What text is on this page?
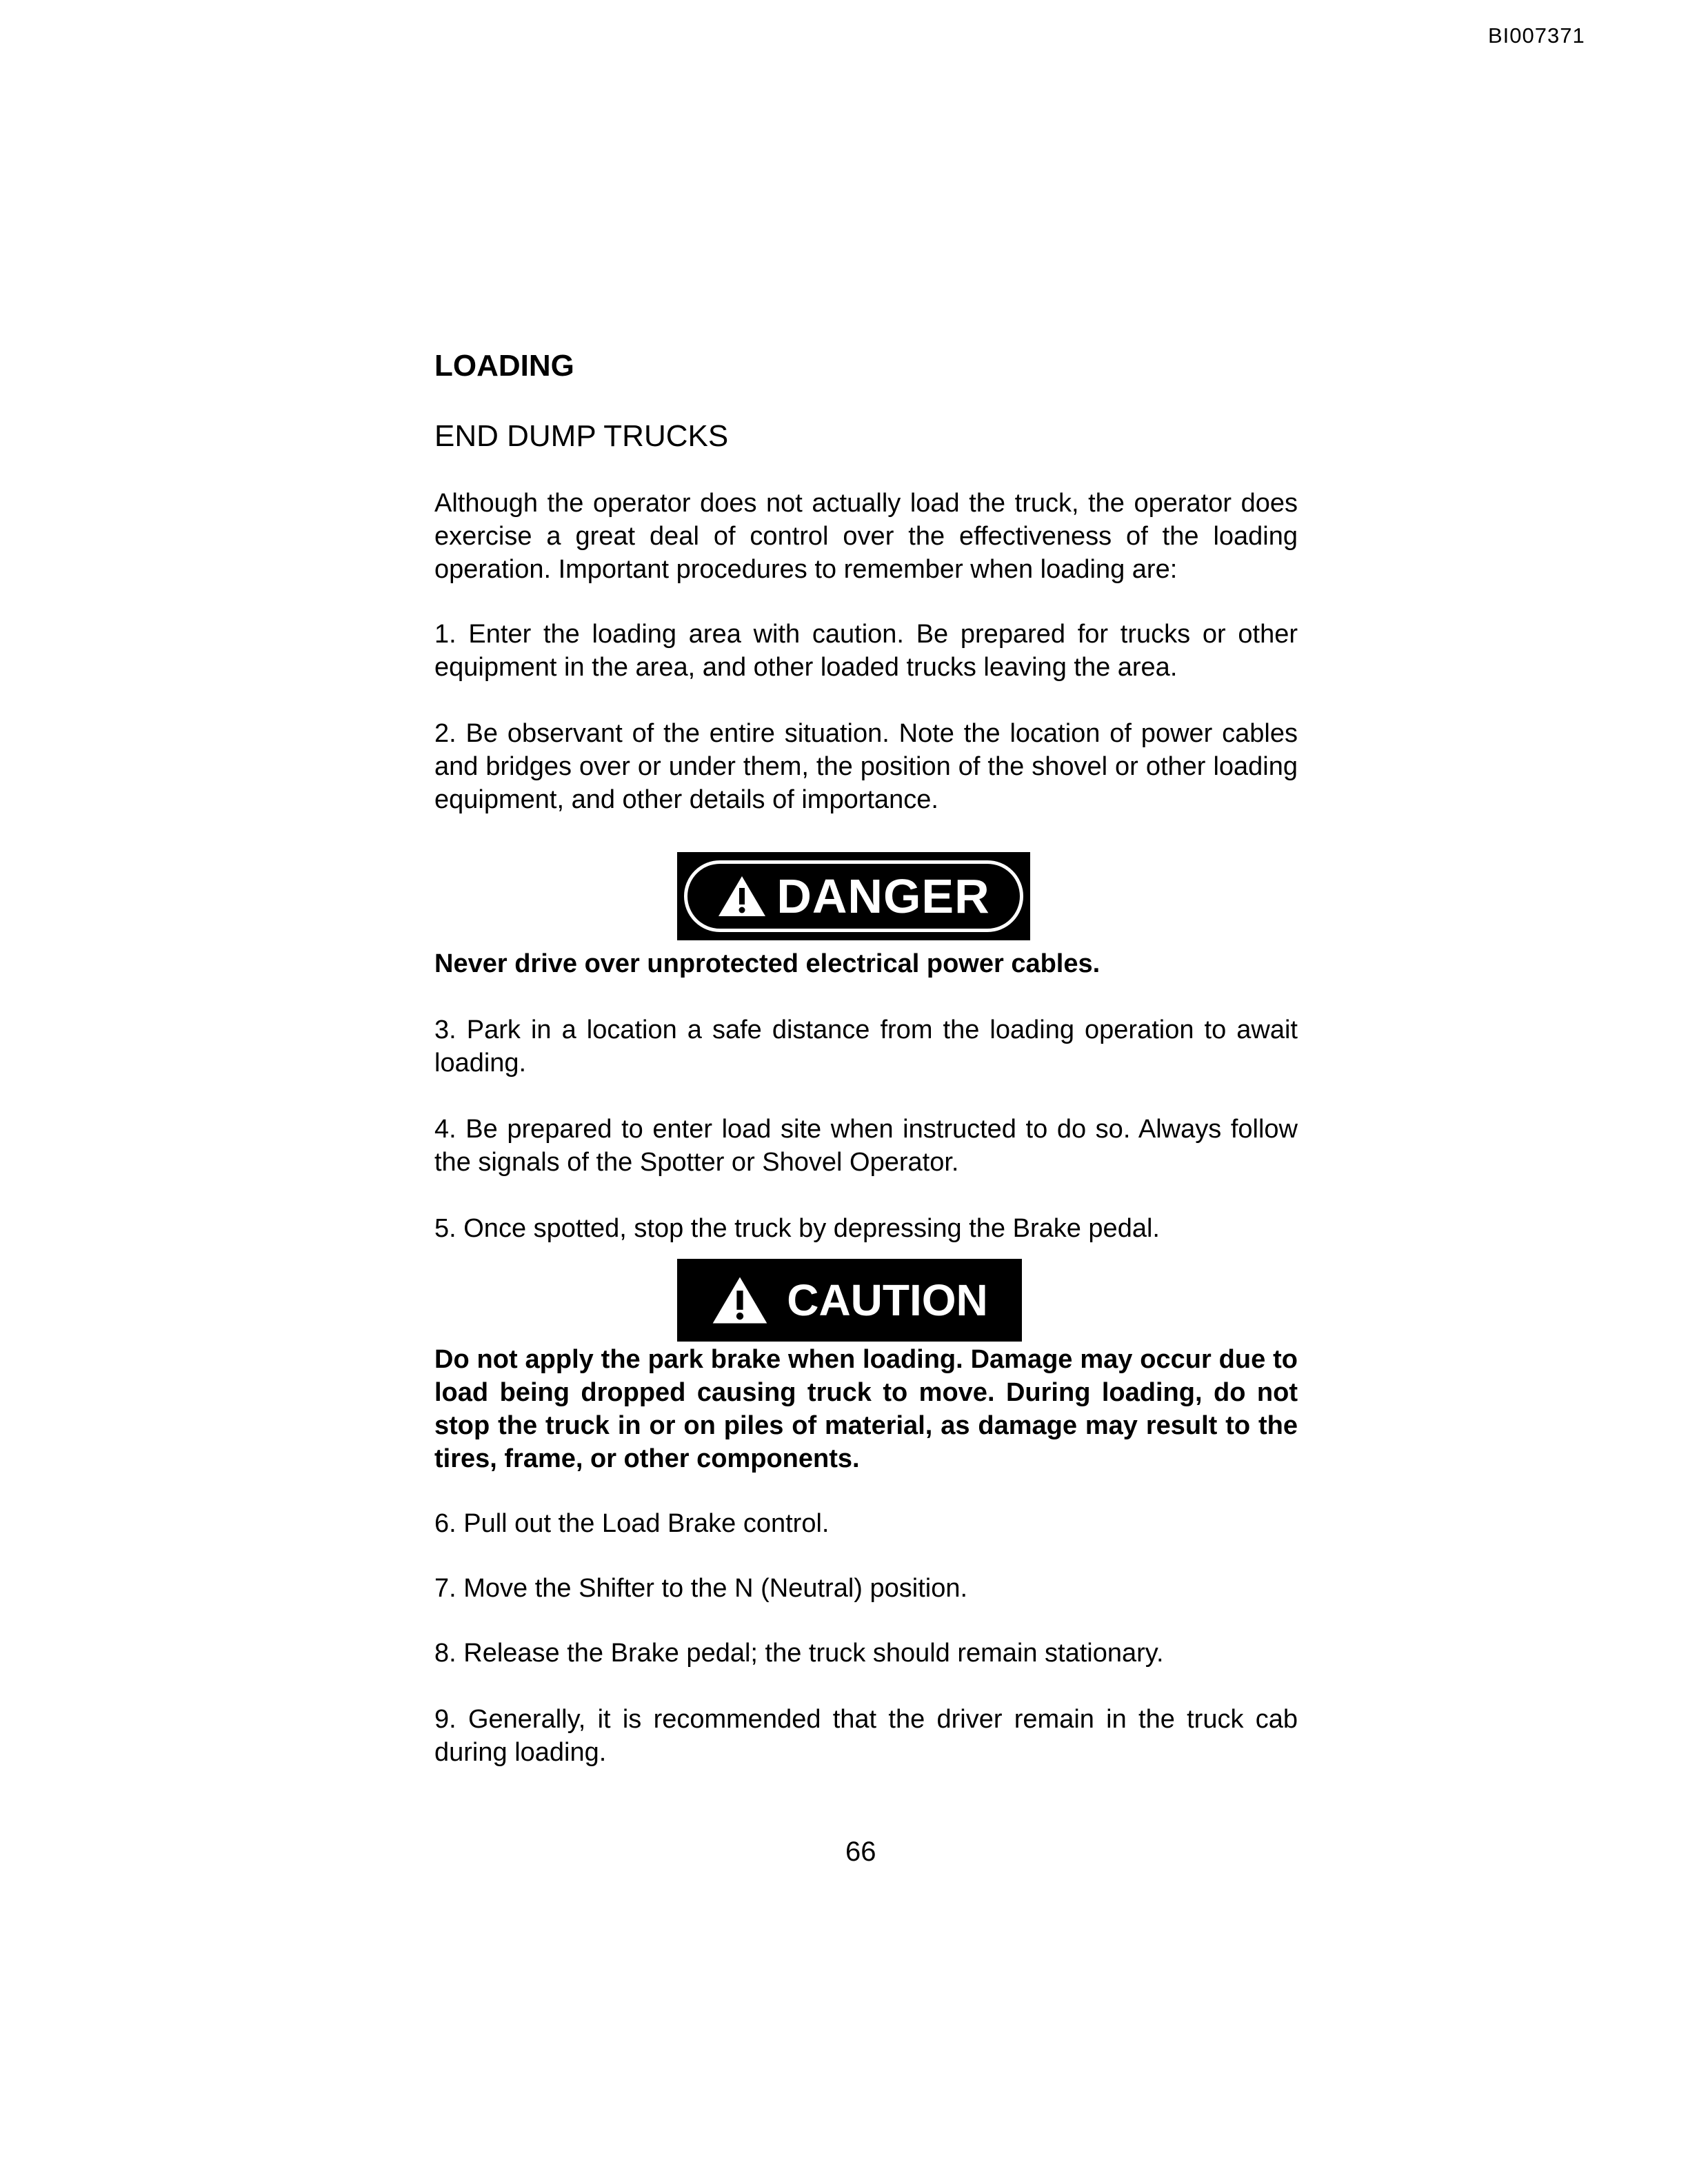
BI007371
LOADING
END DUMP TRUCKS

Although the operator does not actually load the truck, the operator does exercise a great deal of control over the effectiveness of the loading operation. Important procedures to remember when loading are:

1. Enter the loading area with caution. Be prepared for trucks or other equipment in the area, and other loaded trucks leaving the area.

2. Be observant of the entire situation. Note the location of power cables and bridges over or under them, the position of the shovel or other loading equipment, and other details of importance.

Never drive over unprotected electrical power cables.

3. Park in a location a safe distance from the loading operation to await loading.

4. Be prepared to enter load site when instructed to do so. Always follow the signals of the Spotter or Shovel Operator.

5. Once spotted, stop the truck by depressing the Brake pedal.

Do not apply the park brake when loading. Damage may occur due to load being dropped causing truck to move. During loading, do not stop the truck in or on piles of material, as damage may result to the tires, frame, or other components.

6. Pull out the Load Brake control.

7. Move the Shifter to the N (Neutral) position.

8. Release the Brake pedal; the truck should remain stationary.

9. Generally, it is recommended that the driver remain in the truck cab during loading.

DANGER
CAUTION
66
